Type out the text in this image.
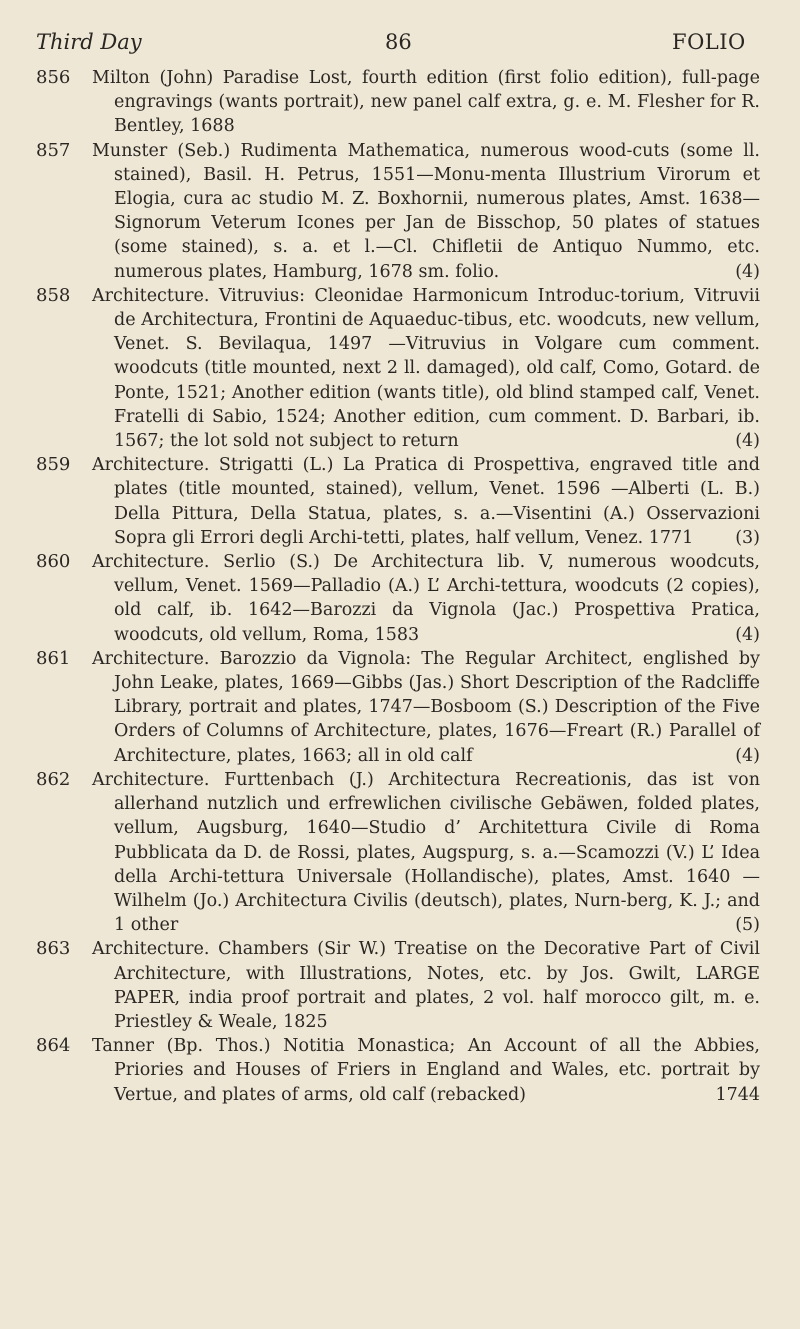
Third Day	86	FOLIO
856 Milton (John) Paradise Lost, fourth edition (first folio edition), full-page engravings (wants portrait), new panel calf extra, g. e. M. Flesher for R. Bentley, 1688
857 Munster (Seb.) Rudimenta Mathematica, numerous wood-cuts (some ll. stained), Basil. H. Petrus, 1551—Monu-menta Illustrium Virorum et Elogia, cura ac studio M. Z. Boxhornii, numerous plates, Amst. 1638—Signorum Veterum Icones per Jan de Bisschop, 50 plates of statues (some stained), s. a. et l.—Cl. Chifletii de Antiquo Nummo, etc. numerous plates, Hamburg, 1678 sm. folio.	(4)
858 Architecture. Vitruvius: Cleonidae Harmonicum Introduc-torium, Vitruvii de Architectura, Frontini de Aquaeduc-tibus, etc. woodcuts, new vellum, Venet. S. Bevilaqua, 1497 —Vitruvius in Volgare cum comment. woodcuts (title mounted, next 2 ll. damaged), old calf, Como, Gotard. de Ponte, 1521; Another edition (wants title), old blind stamped calf, Venet. Fratelli di Sabio, 1524; Another edition, cum comment. D. Barbari, ib. 1567; the lot sold not subject to return	(4)
859 Architecture. Strigatti (L.) La Pratica di Prospettiva, engraved title and plates (title mounted, stained), vellum, Venet. 1596 —Alberti (L. B.) Della Pittura, Della Statua, plates, s. a.—Visentini (A.) Osservazioni Sopra gli Errori degli Archi-tetti, plates, half vellum, Venez. 1771 (3)
860 Architecture. Serlio (S.) De Architectura lib. V, numerous woodcuts, vellum, Venet. 1569—Palladio (A.) L’ Archi-tettura, woodcuts (2 copies), old calf, ib. 1642—Barozzi da Vignola (Jac.) Prospettiva Pratica, woodcuts, old vellum, Roma, 1583	(4)
861 Architecture. Barozzio da Vignola: The Regular Architect, englished by John Leake, plates, 1669—Gibbs (Jas.) Short Description of the Radcliffe Library, portrait and plates, 1747—Bosboom (S.) Description of the Five Orders of Columns of Architecture, plates, 1676—Freart (R.) Parallel of Architecture, plates, 1663; all in old calf	(4)
862 Architecture. Furttenbach (J.) Architectura Recreationis, das ist von allerhand nutzlich und erfrewlichen civilische Gebäwen, folded plates, vellum, Augsburg, 1640—Studio d’ Architettura Civile di Roma Pubblicata da D. de Rossi, plates, Augspurg, s. a.—Scamozzi (V.) L’ Idea della Archi-tettura Universale (Hollandische), plates, Amst. 1640 — Wilhelm (Jo.) Architectura Civilis (deutsch), plates, Nurn-berg, K. J.; and 1 other	(5)
863 Architecture. Chambers (Sir W.) Treatise on the Decorative Part of Civil Architecture, with Illustrations, Notes, etc. by Jos. Gwilt, LARGE PAPER, india proof portrait and plates, 2 vol. half morocco gilt, m. e. Priestley & Weale, 1825
864 Tanner (Bp. Thos.) Notitia Monastica; An Account of all the Abbies, Priories and Houses of Friers in England and Wales, etc. portrait by Vertue, and plates of arms, old calf (rebacked)	1744
